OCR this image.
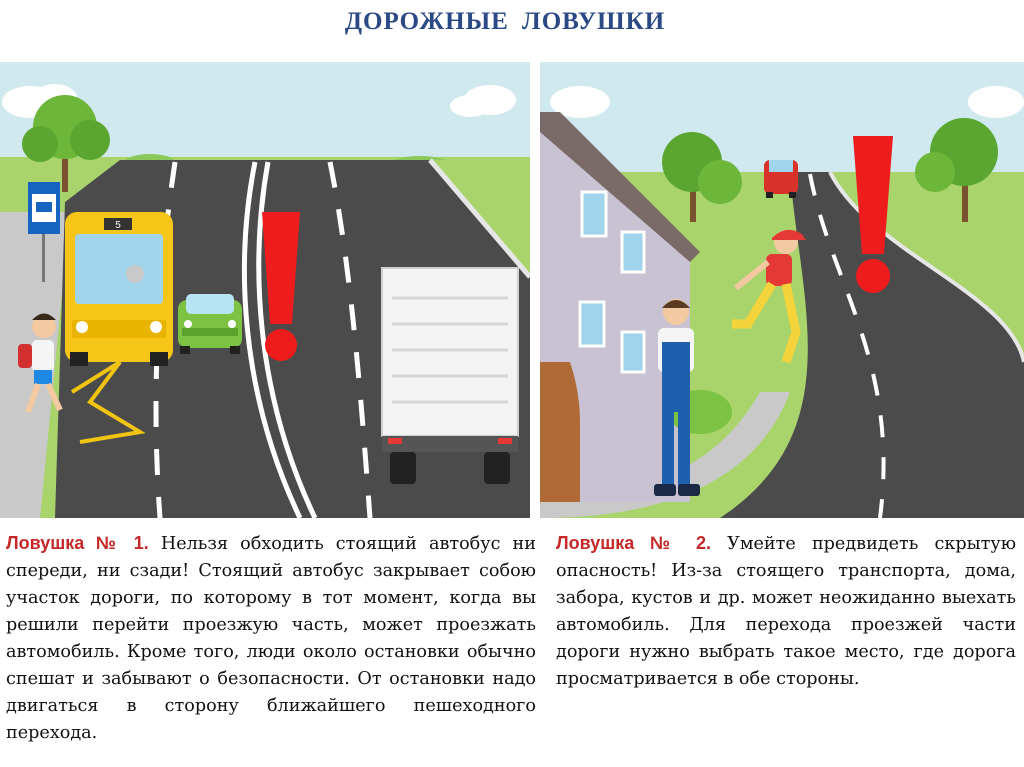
ДОРОЖНЫЕ ЛОВУШКИ
5
Ловушка № 1. Нельзя обходить стоящий автобус ни спереди, ни сзади! Стоящий автобус закрывает собою участок дороги, по которому в тот момент, когда вы решили перейти проезжую часть, может проезжать автомобиль. Кроме того, люди около остановки обычно спешат и забывают о безопасности. От остановки надо двигаться в сторону ближайшего пешеходного перехода.
Ловушка № 2. Умейте предвидеть скрытую опасность! Из-за стоящего транспорта, дома, забора, кустов и др. может неожиданно выехать автомобиль. Для перехода проезжей части дороги нужно выбрать такое место, где дорога просматривается в обе стороны.
